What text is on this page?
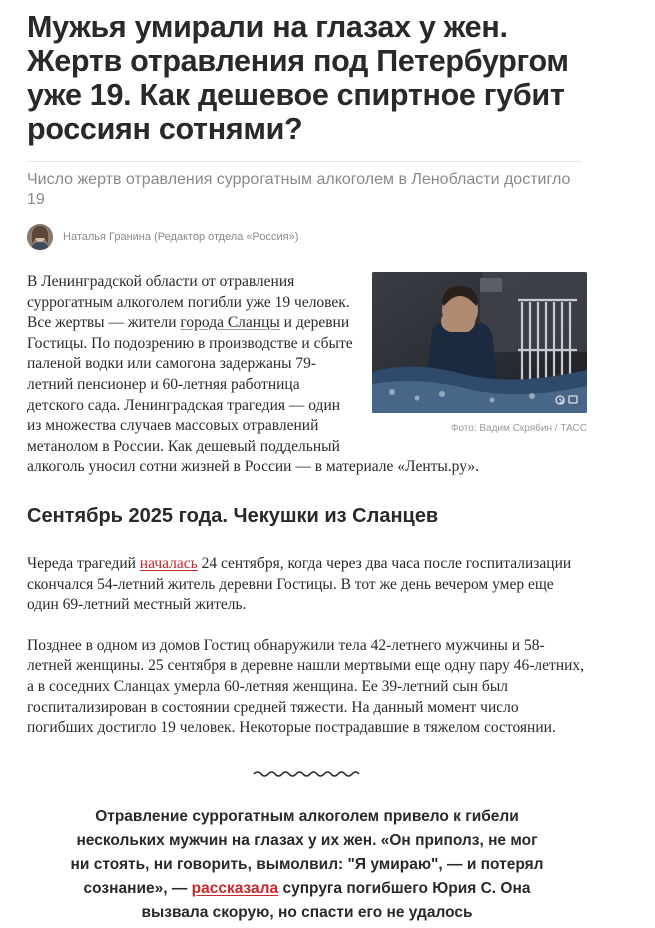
Мужья умирали на глазах у жен. Жертв отравления под Петербургом уже 19. Как дешевое спиртное губит россиян сотнями?

Число жертв отравления суррогатным алкоголем в Ленобласти достигло 19

Наталья Гранина (Редактор отдела «Россия»)
Фото: Вадим Скрябин / ТАСС
В Ленинградской области от отравления суррогатным алкоголем погибли уже 19 человек. Все жертвы — жители города Сланцы и деревни Гостицы. По подозрению в производстве и сбыте паленой водки или самогона задержаны 79-летний пенсионер и 60-летняя работница детского сада. Ленинградская трагедия — один из множества случаев массовых отравлений метанолом в России. Как дешевый поддельный алкоголь уносил сотни жизней в России — в материале «Ленты.ру».
Сентябрь 2025 года. Чекушки из Сланцев

Череда трагедий началась 24 сентября, когда через два часа после госпитализации скончался 54-летний житель деревни Гостицы. В тот же день вечером умер еще один 69-летний местный житель.

Позднее в одном из домов Гостиц обнаружили тела 42-летнего мужчины и 58-летней женщины. 25 сентября в деревне нашли мертвыми еще одну пару 46-летних, а в соседних Сланцах умерла 60-летняя женщина. Ее 39-летний сын был госпитализирован в состоянии средней тяжести. На данный момент число погибших достигло 19 человек. Некоторые пострадавшие в тяжелом состоянии.

Отравление суррогатным алкоголем привело к гибели нескольких мужчин на глазах у их жен. «Он приполз, не мог ни стоять, ни говорить, вымолвил: "Я умираю", — и потерял сознание», — рассказала супруга погибшего Юрия С. Она вызвала скорую, но спасти его не удалось
